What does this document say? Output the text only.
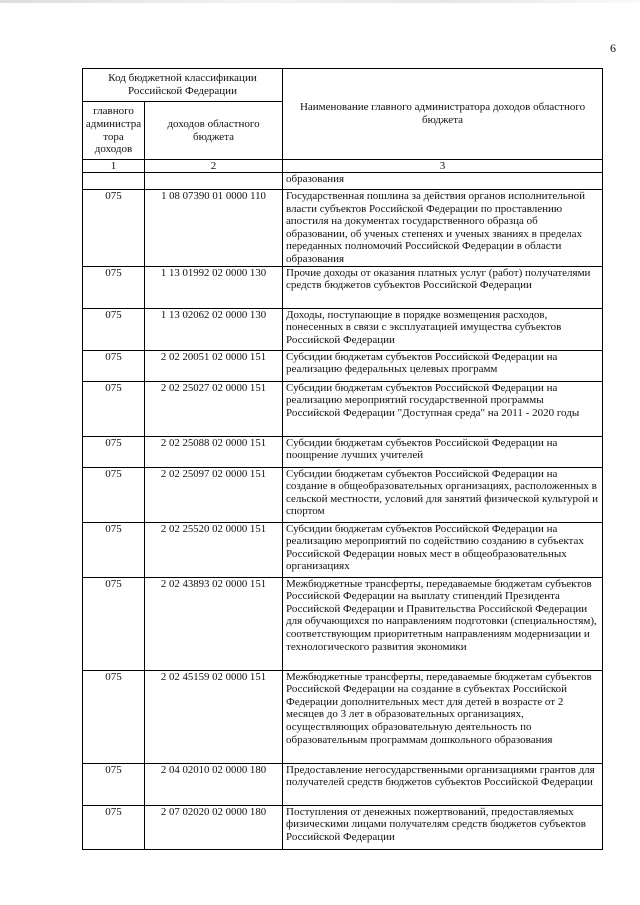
6
Код бюджетной классификации Российской Федерации		Наименование главного администратора доходов областного бюджета
главного администра тора доходов	доходов областного бюджета	
1	2	3
		образования
075	1 08 07390 01 0000 110	Государственная пошлина за действия органов исполнительной власти субъектов Российской Федерации по проставлению апостиля на документах государственного образца об образовании, об ученых степенях и ученых званиях в пределах переданных полномочий Российской Федерации в области образования
075	1 13 01992 02 0000 130	Прочие доходы от оказания платных услуг (работ) получателями средств бюджетов субъектов Российской Федерации
075	1 13 02062 02 0000 130	Доходы, поступающие в порядке возмещения расходов, понесенных в связи с эксплуатацией имущества субъектов Российской Федерации
075	2 02 20051 02 0000 151	Субсидии бюджетам субъектов Российской Федерации на реализацию федеральных целевых программ
075	2 02 25027 02 0000 151	Субсидии бюджетам субъектов Российской Федерации на реализацию мероприятий государственной программы Российской Федерации "Доступная среда" на 2011 - 2020 годы
075	2 02 25088 02 0000 151	Субсидии бюджетам субъектов Российской Федерации на поощрение лучших учителей
075	2 02 25097 02 0000 151	Субсидии бюджетам субъектов Российской Федерации на создание в общеобразовательных организациях, расположенных в сельской местности, условий для занятий физической культурой и спортом
075	2 02 25520 02 0000 151	Субсидии бюджетам субъектов Российской Федерации на реализацию мероприятий по содействию созданию в субъектах Российской Федерации новых мест в общеобразовательных организациях
075	2 02 43893 02 0000 151	Межбюджетные трансферты, передаваемые бюджетам субъектов Российской Федерации на выплату стипендий Президента Российской Федерации и Правительства Российской Федерации для обучающихся по направлениям подготовки (специальностям), соответствующим приоритетным направлениям модернизации и технологического развития экономики
075	2 02 45159 02 0000 151	Межбюджетные трансферты, передаваемые бюджетам субъектов Российской Федерации на создание в субъектах Российской Федерации дополнительных мест для детей в возрасте от 2 месяцев до 3 лет в образовательных организациях, осуществляющих образовательную деятельность по образовательным программам дошкольного образования
075	2 04 02010 02 0000 180	Предоставление негосударственными организациями грантов для получателей средств бюджетов субъектов Российской Федерации
075	2 07 02020 02 0000 180	Поступления от денежных пожертвований, предоставляемых физическими лицами получателям средств бюджетов субъектов Российской Федерации
